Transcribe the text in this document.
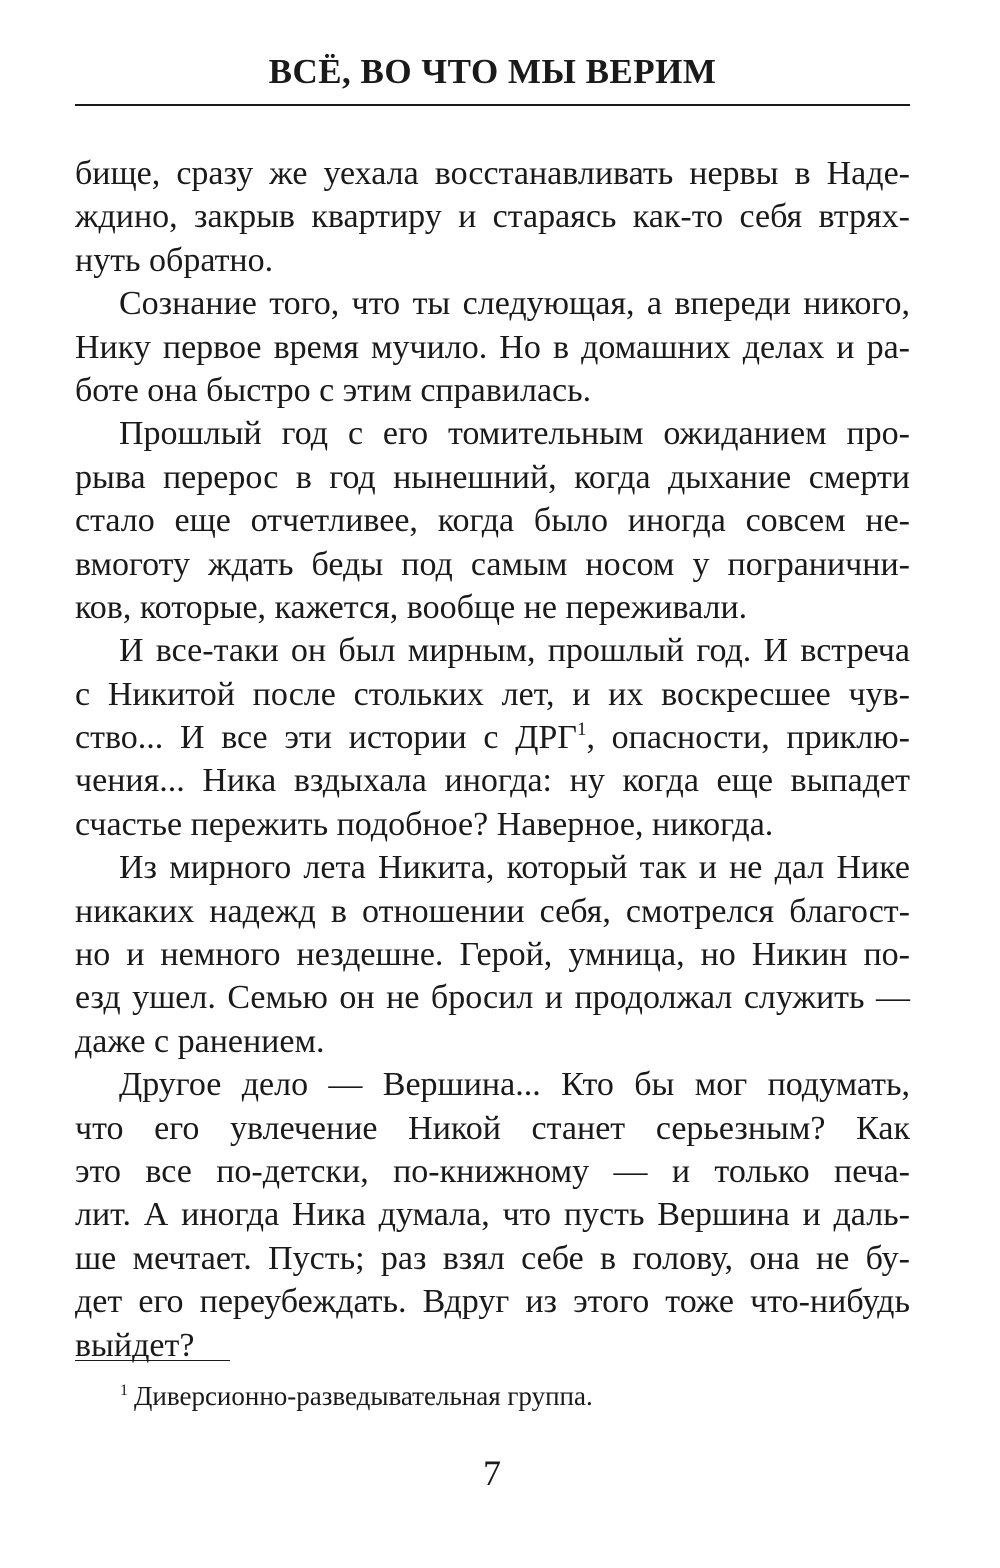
ВСЁ, ВО ЧТО МЫ ВЕРИМ
бище, сразу же уехала восстанавливать нервы в Наде-
ждино, закрыв квартиру и стараясь как-то себя втрях-
нуть обратно.
Сознание того, что ты следующая, а впереди никого,
Нику первое время мучило. Но в домашних делах и ра-
боте она быстро с этим справилась.
Прошлый год с его томительным ожиданием про-
рыва перерос в год нынешний, когда дыхание смерти
стало еще отчетливее, когда было иногда совсем не-
вмоготу ждать беды под самым носом у погранични-
ков, которые, кажется, вообще не переживали.
И все-таки он был мирным, прошлый год. И встреча
с Никитой после стольких лет, и их воскресшее чув-
ство... И все эти истории с ДРГ$^1$, опасности, приклю-
чения... Ника вздыхала иногда: ну когда еще выпадет
счастье пережить подобное? Наверное, никогда.
Из мирного лета Никита, который так и не дал Нике
никаких надежд в отношении себя, смотрелся благост-
но и немного нездешне. Герой, умница, но Никин по-
езд ушел. Семью он не бросил и продолжал служить —
даже с ранением.
Другое дело — Вершина... Кто бы мог подумать,
что его увлечение Никой станет серьезным? Как
это все по-детски, по-книжному — и только печа-
лит. А иногда Ника думала, что пусть Вершина и даль-
ше мечтает. Пусть; раз взял себе в голову, она не бу-
дет его переубеждать. Вдруг из этого тоже что-нибудь
выйдет?
$^1$ Диверсионно-разведывательная группа.
7
